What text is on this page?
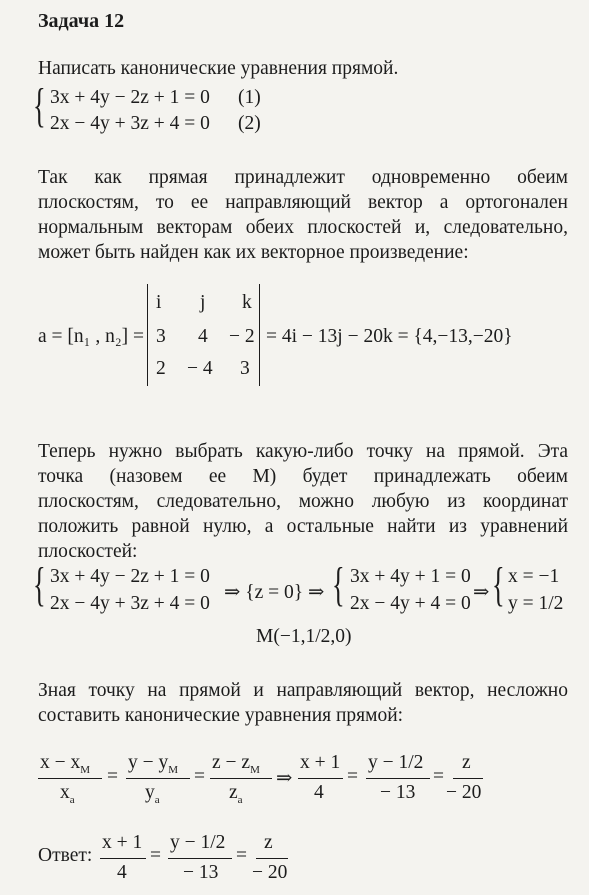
Задача 12
Написать канонические уравнения прямой.
{ 3x + 4y − 2z + 1 = 0 (1)
2x − 4y + 3z + 4 = 0 (2)
Так как прямая принадлежит одновременно обеим
плоскостям, то ее направляющий вектор a ортогонален
нормальным векторам обеих плоскостей и, следовательно,
может быть найден как их векторное произведение:
a = [n₁ , n₂] =
i j k
3 4 − 2
2 − 4 3
= 4i − 13j − 20k = {4,−13,−20}
Теперь нужно выбрать какую-либо точку на прямой. Эта
точка (назовем ее М) будет принадлежать обеим
плоскостям, следовательно, можно любую из координат
положить равной нулю, а остальные найти из уравнений
плоскостей:
{ 3x + 4y − 2z + 1 = 0
2x − 4y + 3z + 4 = 0
⇒ {z = 0} ⇒ { 3x + 4y + 1 = 0
2x − 4y + 4 = 0
⇒ { x = −1
y = 1/2
M(−1,1/2,0)
Зная точку на прямой и направляющий вектор, несложно
составить канонические уравнения прямой:
$x - x_M$
$x_a$
=
$y - y_M$
$y_a$
=
$z - z_M$
$z_a$
⇒
x + 1
4
=
y − 1/2
− 13
=
z
− 20
Ответ:
x + 1
4
=
y − 1/2
− 13
=
z
− 20
